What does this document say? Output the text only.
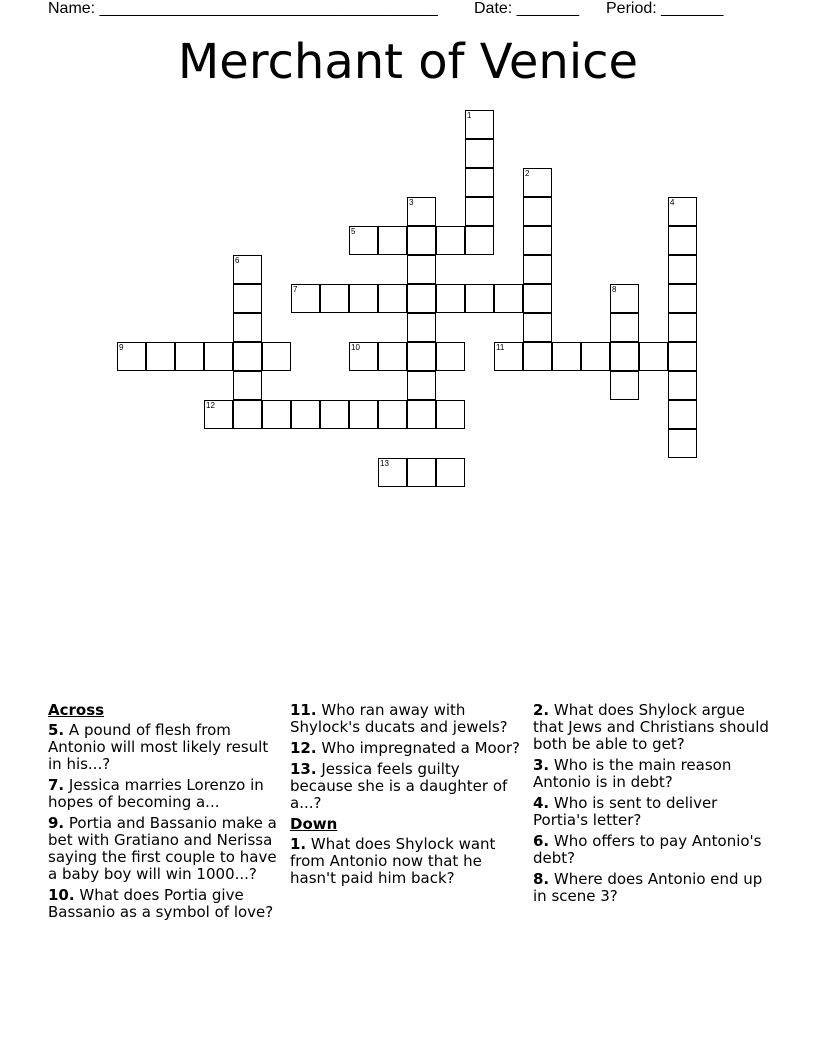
Name: ______________________________________ Date: _______ Period: _______
Merchant of Venice
1
2
3	4
5
6
7	8
9	10	11
12
13
Across
5. A pound of flesh from Antonio will most likely result in his...?
7. Jessica marries Lorenzo in hopes of becoming a...
9. Portia and Bassanio make a bet with Gratiano and Nerissa saying the first couple to have a baby boy will win 1000...?
10. What does Portia give Bassanio as a symbol of love?
11. Who ran away with Shylock's ducats and jewels?
12. Who impregnated a Moor?
13. Jessica feels guilty because she is a daughter of a...?
Down
1. What does Shylock want from Antonio now that he hasn't paid him back?
2. What does Shylock argue that Jews and Christians should both be able to get?
3. Who is the main reason Antonio is in debt?
4. Who is sent to deliver Portia's letter?
6. Who offers to pay Antonio's debt?
8. Where does Antonio end up in scene 3?
